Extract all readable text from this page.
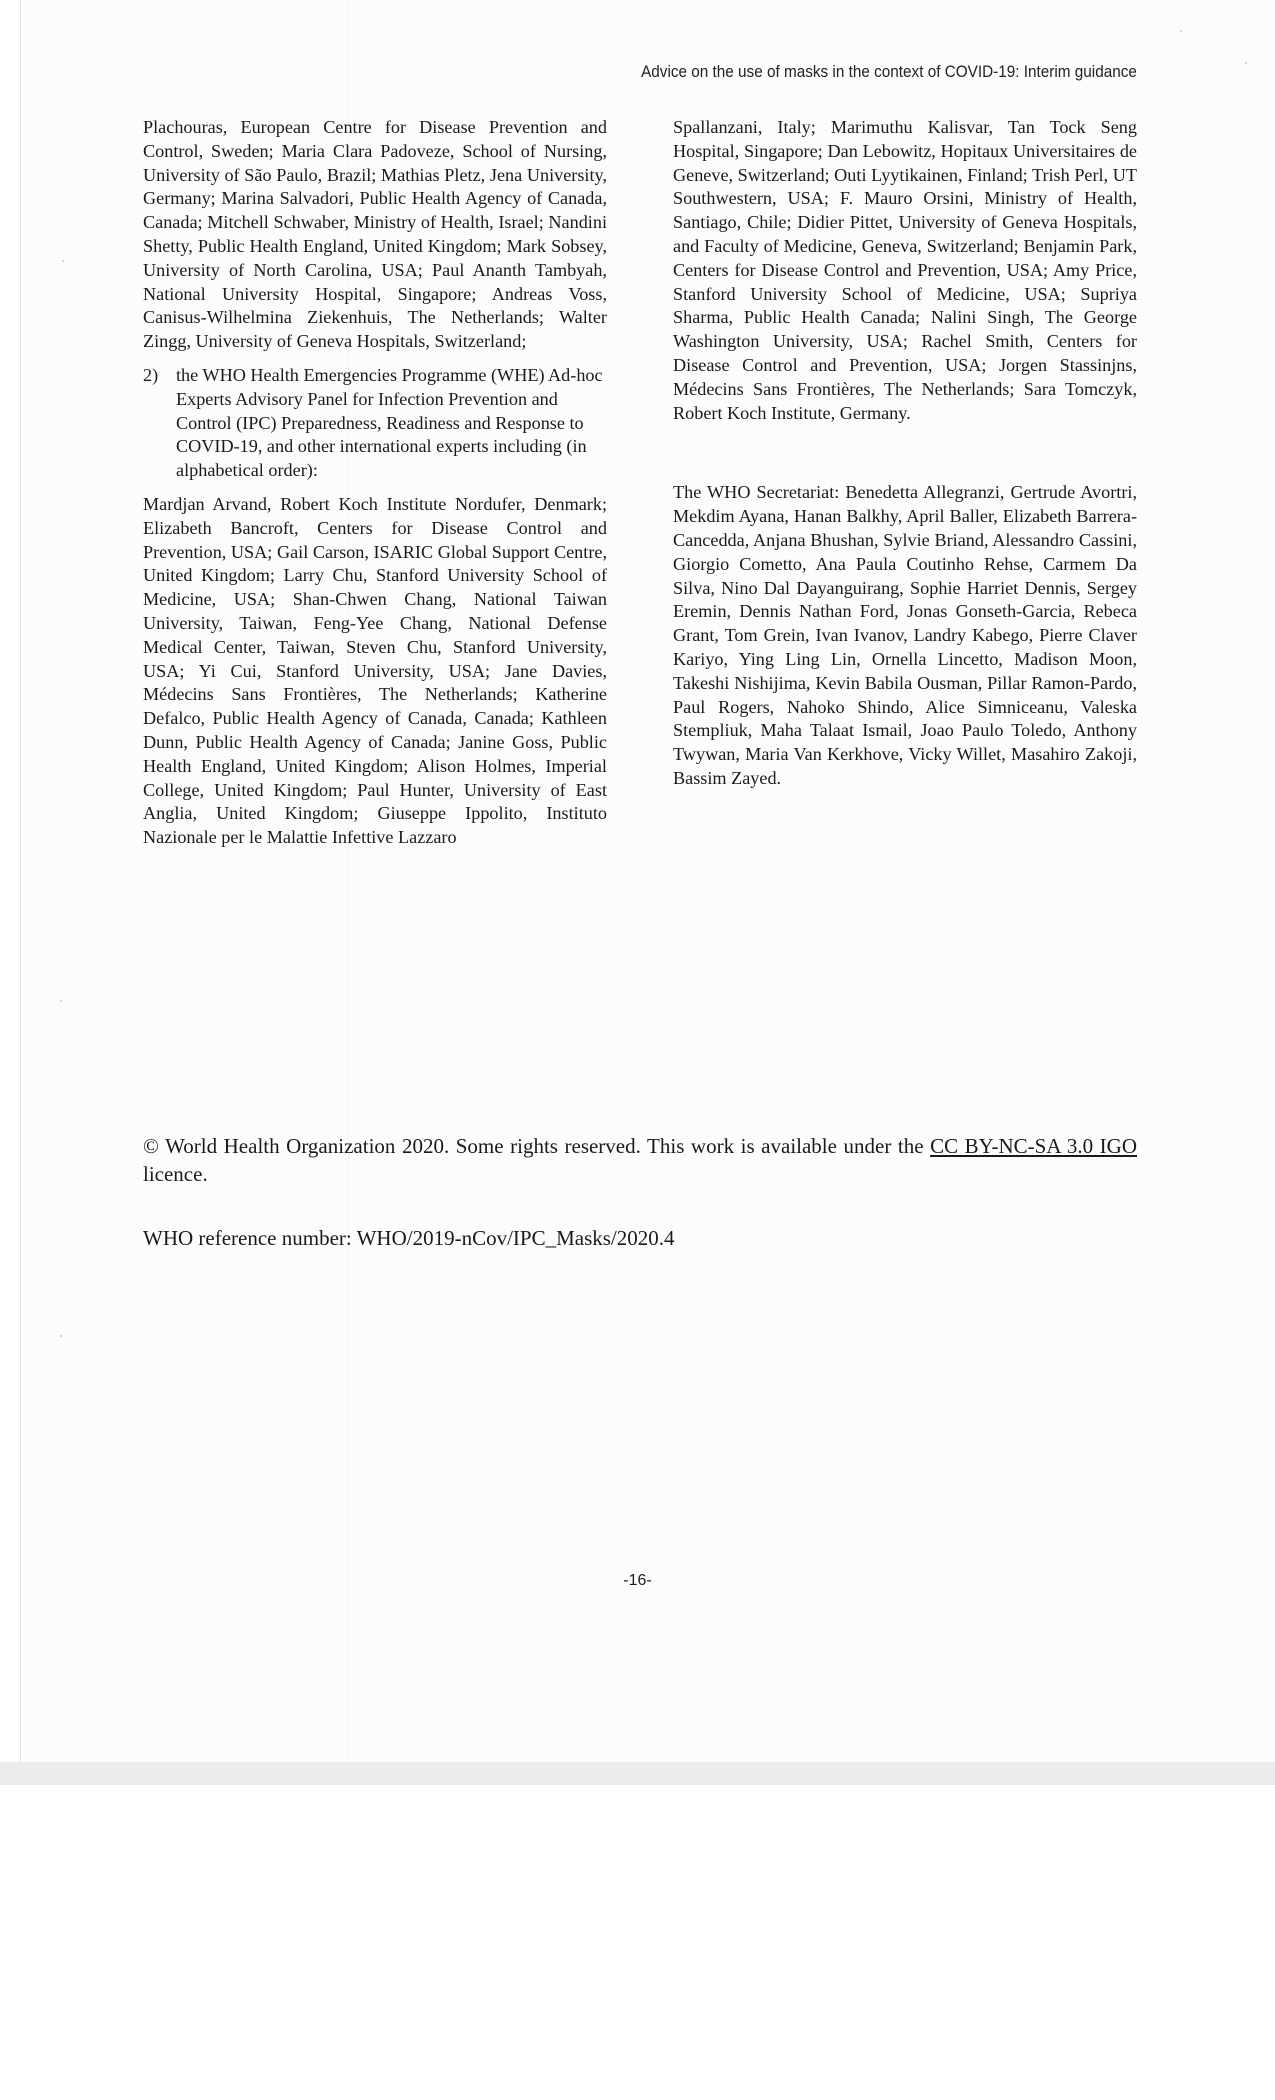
Advice on the use of masks in the context of COVID-19: Interim guidance

Plachouras, European Centre for Disease Prevention and Control, Sweden; Maria Clara Padoveze, School of Nursing, University of São Paulo, Brazil; Mathias Pletz, Jena University, Germany; Marina Salvadori, Public Health Agency of Canada, Canada; Mitchell Schwaber, Ministry of Health, Israel; Nandini Shetty, Public Health England, United Kingdom; Mark Sobsey, University of North Carolina, USA; Paul Ananth Tambyah, National University Hospital, Singapore; Andreas Voss, Canisus-Wilhelmina Ziekenhuis, The Netherlands; Walter Zingg, University of Geneva Hospitals, Switzerland;

2) the WHO Health Emergencies Programme (WHE) Ad-hoc Experts Advisory Panel for Infection Prevention and Control (IPC) Preparedness, Readiness and Response to COVID-19, and other international experts including (in alphabetical order):

Mardjan Arvand, Robert Koch Institute Nordufer, Denmark; Elizabeth Bancroft, Centers for Disease Control and Prevention, USA; Gail Carson, ISARIC Global Support Centre, United Kingdom; Larry Chu, Stanford University School of Medicine, USA; Shan-Chwen Chang, National Taiwan University, Taiwan, Feng-Yee Chang, National Defense Medical Center, Taiwan, Steven Chu, Stanford University, USA; Yi Cui, Stanford University, USA; Jane Davies, Médecins Sans Frontières, The Netherlands; Katherine Defalco, Public Health Agency of Canada, Canada; Kathleen Dunn, Public Health Agency of Canada; Janine Goss, Public Health England, United Kingdom; Alison Holmes, Imperial College, United Kingdom; Paul Hunter, University of East Anglia, United Kingdom; Giuseppe Ippolito, Instituto Nazionale per le Malattie Infettive Lazzaro

Spallanzani, Italy; Marimuthu Kalisvar, Tan Tock Seng Hospital, Singapore; Dan Lebowitz, Hopitaux Universitaires de Geneve, Switzerland; Outi Lyytikainen, Finland; Trish Perl, UT Southwestern, USA; F. Mauro Orsini, Ministry of Health, Santiago, Chile; Didier Pittet, University of Geneva Hospitals, and Faculty of Medicine, Geneva, Switzerland; Benjamin Park, Centers for Disease Control and Prevention, USA; Amy Price, Stanford University School of Medicine, USA; Supriya Sharma, Public Health Canada; Nalini Singh, The George Washington University, USA; Rachel Smith, Centers for Disease Control and Prevention, USA; Jorgen Stassinjns, Médecins Sans Frontières, The Netherlands; Sara Tomczyk, Robert Koch Institute, Germany.

The WHO Secretariat: Benedetta Allegranzi, Gertrude Avortri, Mekdim Ayana, Hanan Balkhy, April Baller, Elizabeth Barrera-Cancedda, Anjana Bhushan, Sylvie Briand, Alessandro Cassini, Giorgio Cometto, Ana Paula Coutinho Rehse, Carmem Da Silva, Nino Dal Dayanguirang, Sophie Harriet Dennis, Sergey Eremin, Dennis Nathan Ford, Jonas Gonseth-Garcia, Rebeca Grant, Tom Grein, Ivan Ivanov, Landry Kabego, Pierre Claver Kariyo, Ying Ling Lin, Ornella Lincetto, Madison Moon, Takeshi Nishijima, Kevin Babila Ousman, Pillar Ramon-Pardo, Paul Rogers, Nahoko Shindo, Alice Simniceanu, Valeska Stempliuk, Maha Talaat Ismail, Joao Paulo Toledo, Anthony Twywan, Maria Van Kerkhove, Vicky Willet, Masahiro Zakoji, Bassim Zayed.

© World Health Organization 2020. Some rights reserved. This work is available under the CC BY-NC-SA 3.0 IGO licence.
WHO reference number: WHO/2019-nCov/IPC_Masks/2020.4
-16-
